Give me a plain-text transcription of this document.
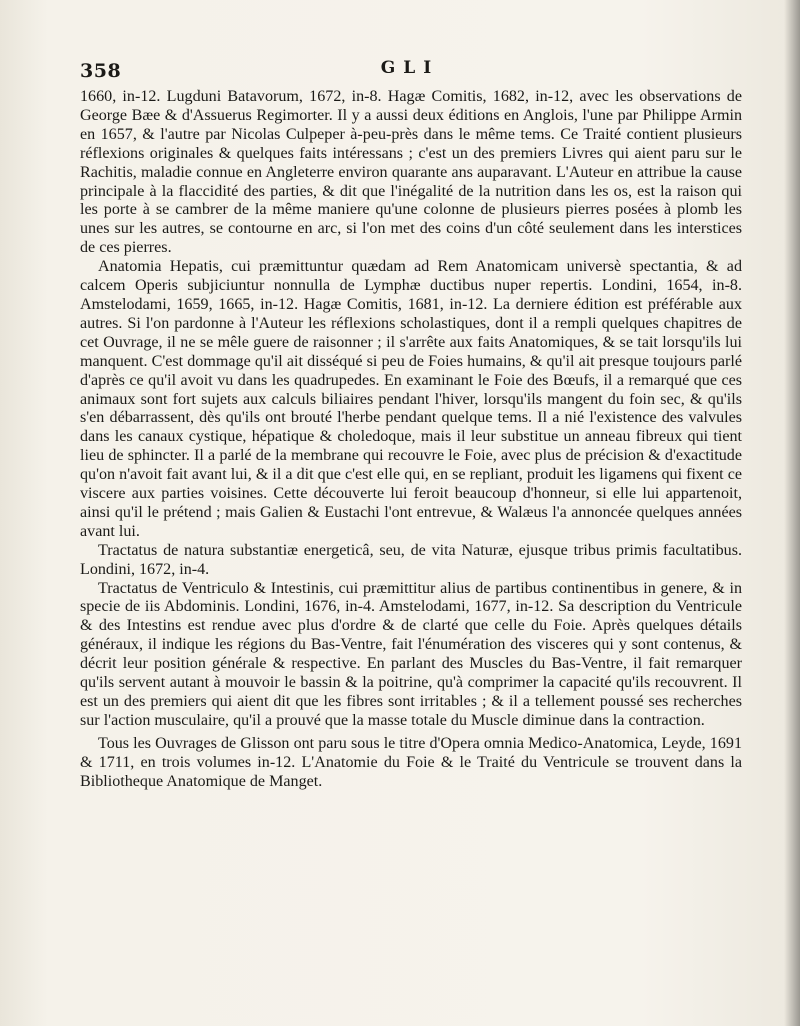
358	GLI

1660, in-12. Lugduni Batavorum, 1672, in-8. Hagæ Comitis, 1682, in-12, avec les observations de George Bæe & d'Assuerus Regimorter. Il y a aussi deux éditions en Anglois, l'une par Philippe Armin en 1657, & l'autre par Nicolas Culpeper à-peu-près dans le même tems. Ce Traité contient plusieurs réflexions originales & quelques faits intéressans ; c'est un des premiers Livres qui aient paru sur le Rachitis, maladie connue en Angleterre environ quarante ans auparavant. L'Auteur en attribue la cause principale à la flaccidité des parties, & dit que l'inégalité de la nutrition dans les os, est la raison qui les porte à se cambrer de la même maniere qu'une colonne de plusieurs pierres posées à plomb les unes sur les autres, se contourne en arc, si l'on met des coins d'un côté seulement dans les interstices de ces pierres.

Anatomia Hepatis, cui præmittuntur quædam ad Rem Anatomicam universè spectantia, & ad calcem Operis subjiciuntur nonnulla de Lymphæ ductibus nuper repertis. Londini, 1654, in-8. Amstelodami, 1659, 1665, in-12. Hagæ Comitis, 1681, in-12. La derniere édition est préférable aux autres. Si l'on pardonne à l'Auteur les réflexions scholastiques, dont il a rempli quelques chapitres de cet Ouvrage, il ne se mêle guere de raisonner ; il s'arrête aux faits Anatomiques, & se tait lorsqu'ils lui manquent. C'est dommage qu'il ait disséqué si peu de Foies humains, & qu'il ait presque toujours parlé d'après ce qu'il avoit vu dans les quadrupedes. En examinant le Foie des Bœufs, il a remarqué que ces animaux sont fort sujets aux calculs biliaires pendant l'hiver, lorsqu'ils mangent du foin sec, & qu'ils s'en débarrassent, dès qu'ils ont brouté l'herbe pendant quelque tems. Il a nié l'existence des valvules dans les canaux cystique, hépatique & choledoque, mais il leur substitue un anneau fibreux qui tient lieu de sphincter. Il a parlé de la membrane qui recouvre le Foie, avec plus de précision & d'exactitude qu'on n'avoit fait avant lui, & il a dit que c'est elle qui, en se repliant, produit les ligamens qui fixent ce viscere aux parties voisines. Cette découverte lui feroit beaucoup d'honneur, si elle lui appartenoit, ainsi qu'il le prétend ; mais Galien & Eustachi l'ont entrevue, & Walæus l'a annoncée quelques années avant lui.

Tractatus de natura substantiæ energeticâ, seu, de vita Naturæ, ejusque tribus primis facultatibus. Londini, 1672, in-4.

Tractatus de Ventriculo & Intestinis, cui præmittitur alius de partibus continentibus in genere, & in specie de iis Abdominis. Londini, 1676, in-4. Amstelodami, 1677, in-12. Sa description du Ventricule & des Intestins est rendue avec plus d'ordre & de clarté que celle du Foie. Après quelques détails généraux, il indique les régions du Bas-Ventre, fait l'énumération des visceres qui y sont contenus, & décrit leur position générale & respective. En parlant des Muscles du Bas-Ventre, il fait remarquer qu'ils servent autant à mouvoir le bassin & la poitrine, qu'à comprimer la capacité qu'ils recouvrent. Il est un des premiers qui aient dit que les fibres sont irritables ; & il a tellement poussé ses recherches sur l'action musculaire, qu'il a prouvé que la masse totale du Muscle diminue dans la contraction.

Tous les Ouvrages de Glisson ont paru sous le titre d'Opera omnia Medico-Anatomica, Leyde, 1691 & 1711, en trois volumes in-12. L'Anatomie du Foie & le Traité du Ventricule se trouvent dans la Bibliotheque Anatomique de Manget.
